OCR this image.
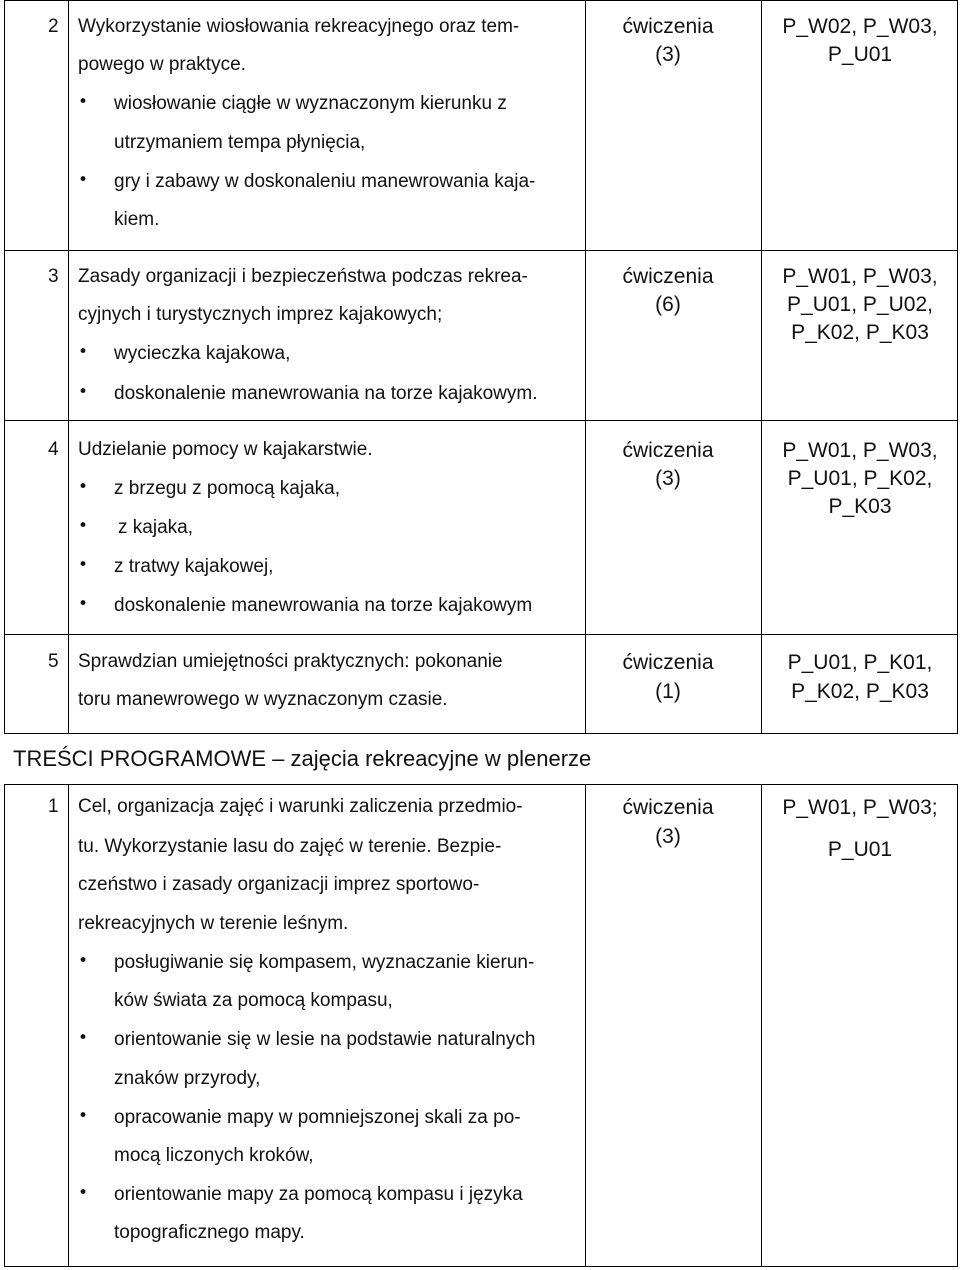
2 Wykorzystanie wiosłowania rekreacyjnego oraz tem-
powego w praktyce.
• wiosłowanie ciągłe w wyznaczonym kierunku z
utrzymaniem tempa płynięcia,
• gry i zabawy w doskonaleniu manewrowania kaja-
kiem.
ćwiczenia
(3)
P_W02, P_W03,
P_U01
3 Zasady organizacji i bezpieczeństwa podczas rekrea-
cyjnych i turystycznych imprez kajakowych;
• wycieczka kajakowa,
• doskonalenie manewrowania na torze kajakowym.
ćwiczenia
(6)
P_W01, P_W03,
P_U01, P_U02,
P_K02, P_K03
4 Udzielanie pomocy w kajakarstwie.
• z brzegu z pomocą kajaka,
• z kajaka,
• z tratwy kajakowej,
• doskonalenie manewrowania na torze kajakowym
ćwiczenia
(3)
P_W01, P_W03,
P_U01, P_K02,
P_K03
5 Sprawdzian umiejętności praktycznych: pokonanie
toru manewrowego w wyznaczonym czasie.
ćwiczenia
(1)
P_U01, P_K01,
P_K02, P_K03
TREŚCI PROGRAMOWE – zajęcia rekreacyjne w plenerze
1 Cel, organizacja zajęć i warunki zaliczenia przedmio-
tu. Wykorzystanie lasu do zajęć w terenie. Bezpie-
czeństwo i zasady organizacji imprez sportowo-
rekreacyjnych w terenie leśnym.
• posługiwanie się kompasem, wyznaczanie kierun-
ków świata za pomocą kompasu,
• orientowanie się w lesie na podstawie naturalnych
znaków przyrody,
• opracowanie mapy w pomniejszonej skali za po-
mocą liczonych kroków,
• orientowanie mapy za pomocą kompasu i języka
topograficznego mapy.
ćwiczenia
(3)
P_W01, P_W03;
P_U01
